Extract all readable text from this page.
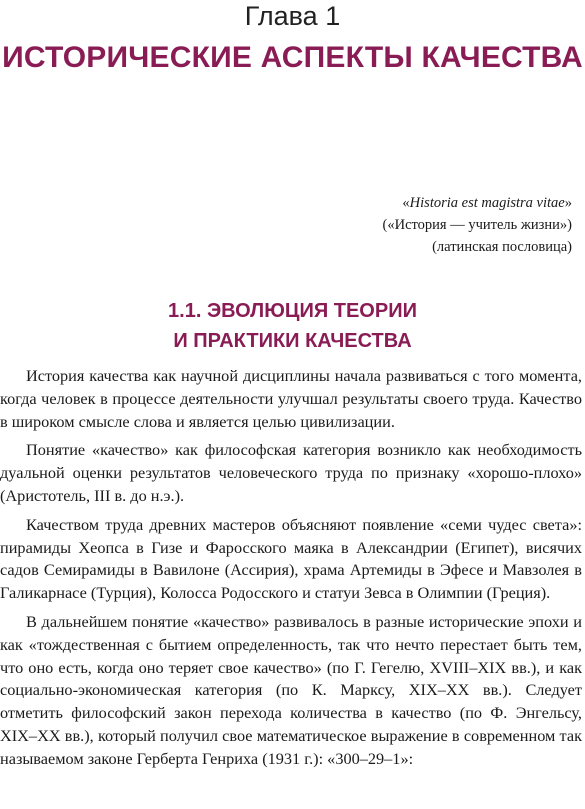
Глава 1
ИСТОРИЧЕСКИЕ АСПЕКТЫ КАЧЕСТВА
«Historia est magistra vitae»
(«История — учитель жизни»)
(латинская пословица)
1.1. ЭВОЛЮЦИЯ ТЕОРИИ
И ПРАКТИКИ КАЧЕСТВА

История качества как научной дисциплины начала развиваться с того момента, когда человек в процессе деятельности улучшал результаты своего труда. Качество в широком смысле слова и является целью цивилизации.

Понятие «качество» как философская категория возникло как необходимость дуальной оценки результатов человеческого труда по признаку «хорошо-плохо» (Аристотель, III в. до н.э.).

Качеством труда древних мастеров объясняют появление «семи чудес света»: пирамиды Хеопса в Гизе и Фаросского маяка в Александрии (Египет), висячих садов Семирамиды в Вавилоне (Ассирия), храма Артемиды в Эфесе и Мавзолея в Галикарнасе (Турция), Колосса Родосского и статуи Зевса в Олимпии (Греция).

В дальнейшем понятие «качество» развивалось в разные исторические эпохи и как «тождественная с бытием определенность, так что нечто перестает быть тем, что оно есть, когда оно теряет свое качество» (по Г. Гегелю, XVIII–XIX вв.), и как социально-экономическая категория (по К. Марксу, XIX–XX вв.). Следует отметить философский закон перехода количества в качество (по Ф. Энгельсу, XIX–XX вв.), который получил свое математическое выражение в современном так называемом законе Герберта Генриха (1931 г.): «300–29–1»:
